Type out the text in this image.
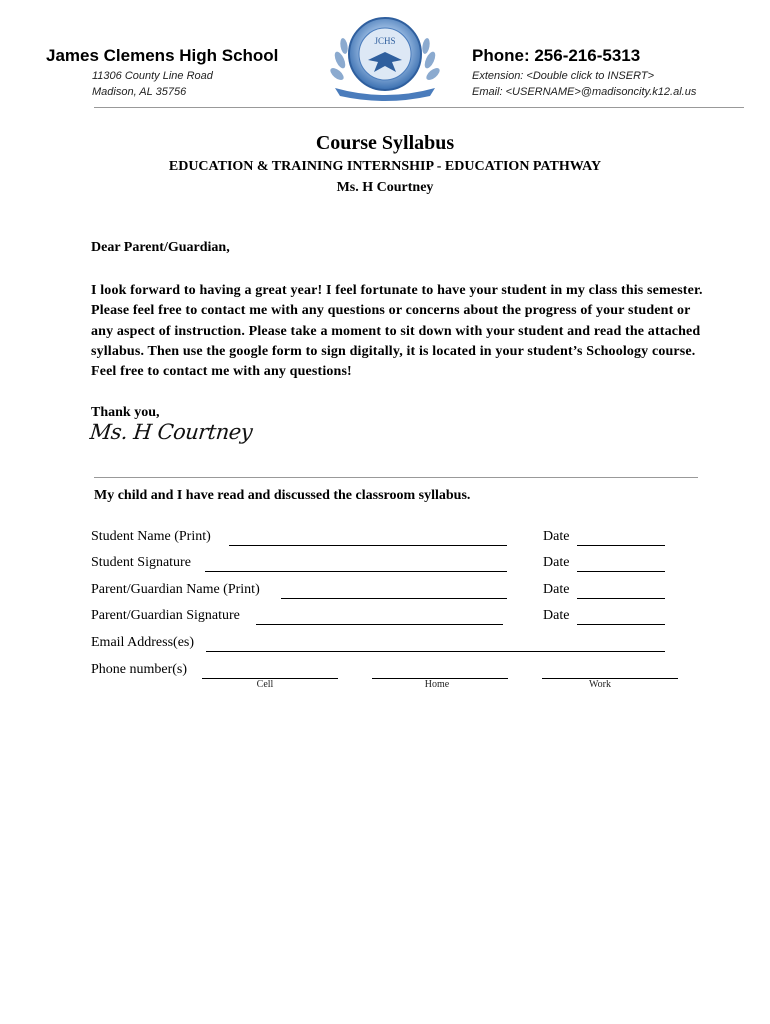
James Clemens High School
11306 County Line Road
Madison, AL 35756
JCHS
Phone: 256-216-5313
Extension: <Double click to INSERT>
Email: <USERNAME>@madisoncity.k12.al.us
Course Syllabus
EDUCATION & TRAINING INTERNSHIP - EDUCATION PATHWAY
Ms. H Courtney
Dear Parent/Guardian,
I look forward to having a great year! I feel fortunate to have your student in my class this semester. Please feel free to contact me with any questions or concerns about the progress of your student or any aspect of instruction. Please take a moment to sit down with your student and read the attached syllabus. Then use the google form to sign digitally, it is located in your student’s Schoology course. Feel free to contact me with any questions!
Thank you,
Ms. H Courtney
My child and I have read and discussed the classroom syllabus.
Student Name (Print)	Date
Student Signature	Date
Parent/Guardian Name (Print)	Date
Parent/Guardian Signature	Date
Email Address(es)
Phone number(s)
Cell	Home	Work
